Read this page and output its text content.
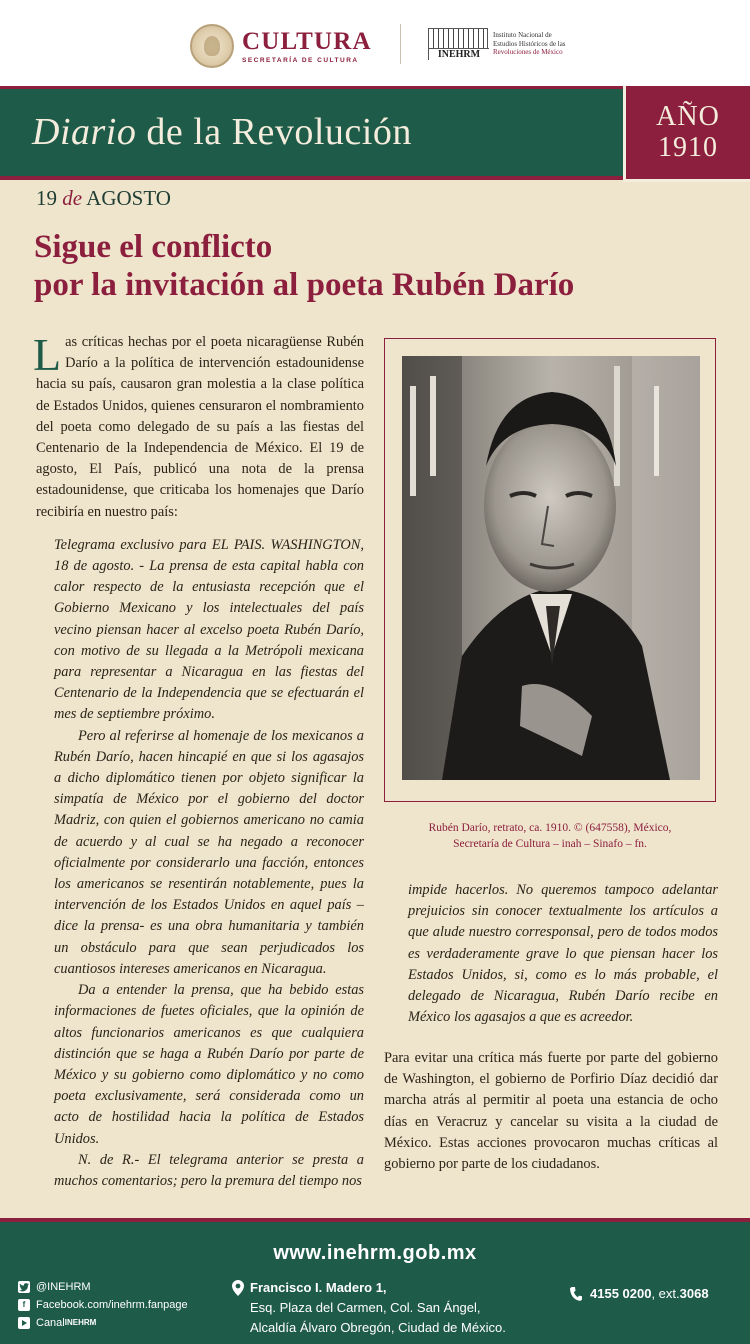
CULTURA
SECRETARÍA DE CULTURA	INEHRM
Instituto Nacional de
Estudios Históricos de las
Revoluciones de México
Diario de la Revolución	AÑO
1910
19 de AGOSTO
Sigue el conflicto
por la invitación al poeta Rubén Darío

Las críticas hechas por el poeta nicaragüense Rubén Darío a la política de intervención estadounidense hacia su país, causaron gran molestia a la clase política de Estados Unidos, quienes censuraron el nombramiento del poeta como delegado de su país a las fiestas del Centenario de la Independencia de México. El 19 de agosto, El País, publicó una nota de la prensa estadounidense, que criticaba los homenajes que Darío recibiría en nuestro país:

Telegrama exclusivo para EL PAIS. WASHINGTON, 18 de agosto. - La prensa de esta capital habla con calor respecto de la entusiasta recepción que el Gobierno Mexicano y los intelectuales del país vecino piensan hacer al excelso poeta Rubén Darío, con motivo de su llegada a la Metrópoli mexicana para representar a Nicaragua en las fiestas del Centenario de la Independencia que se efectuarán el mes de septiembre próximo.

Pero al referirse al homenaje de los mexicanos a Rubén Darío, hacen hincapié en que si los agasajos a dicho diplomático tienen por objeto significar la simpatía de México por el gobierno del doctor Madriz, con quien el gobiernos americano no camia de acuerdo y al cual se ha negado a reconocer oficialmente por considerarlo una facción, entonces los americanos se resentirán notablemente, pues la intervención de los Estados Unidos en aquel país –dice la prensa- es una obra humanitaria y también un obstáculo para que sean perjudicados los cuantiosos intereses americanos en Nicaragua.

Da a entender la prensa, que ha bebido estas informaciones de fuetes oficiales, que la opinión de altos funcionarios americanos es que cualquiera distinción que se haga a Rubén Darío por parte de México y su gobierno como diplomático y no como poeta exclusivamente, será considerada como un acto de hostilidad hacia la política de Estados Unidos.

N. de R.- El telegrama anterior se presta a muchos comentarios; pero la premura del tiempo nos

Rubén Darío, retrato, ca. 1910. © (647558), México,
Secretaría de Cultura – inah – Sinafo – fn.
impide hacerlos. No queremos tampoco adelantar prejuicios sin conocer textualmente los artículos a que alude nuestro corresponsal, pero de todos modos es verdaderamente grave lo que piensan hacer los Estados Unidos, si, como es lo más probable, el delegado de Nicaragua, Rubén Darío recibe en México los agasajos a que es acreedor.
Para evitar una crítica más fuerte por parte del gobierno de Washington, el gobierno de Porfirio Díaz decidió dar marcha atrás al permitir al poeta una estancia de ocho días en Veracruz y cancelar su visita a la ciudad de México. Estas acciones provocaron muchas críticas al gobierno por parte de los ciudadanos.
www.inehrm.gob.mx
@INEHRM
f Facebook.com/inehrm.fanpage
Canal INEHRM
Francisco I. Madero 1,
Esq. Plaza del Carmen, Col. San Ángel,
Alcaldía Álvaro Obregón, Ciudad de México.
4155 0200 , ext. 3068
